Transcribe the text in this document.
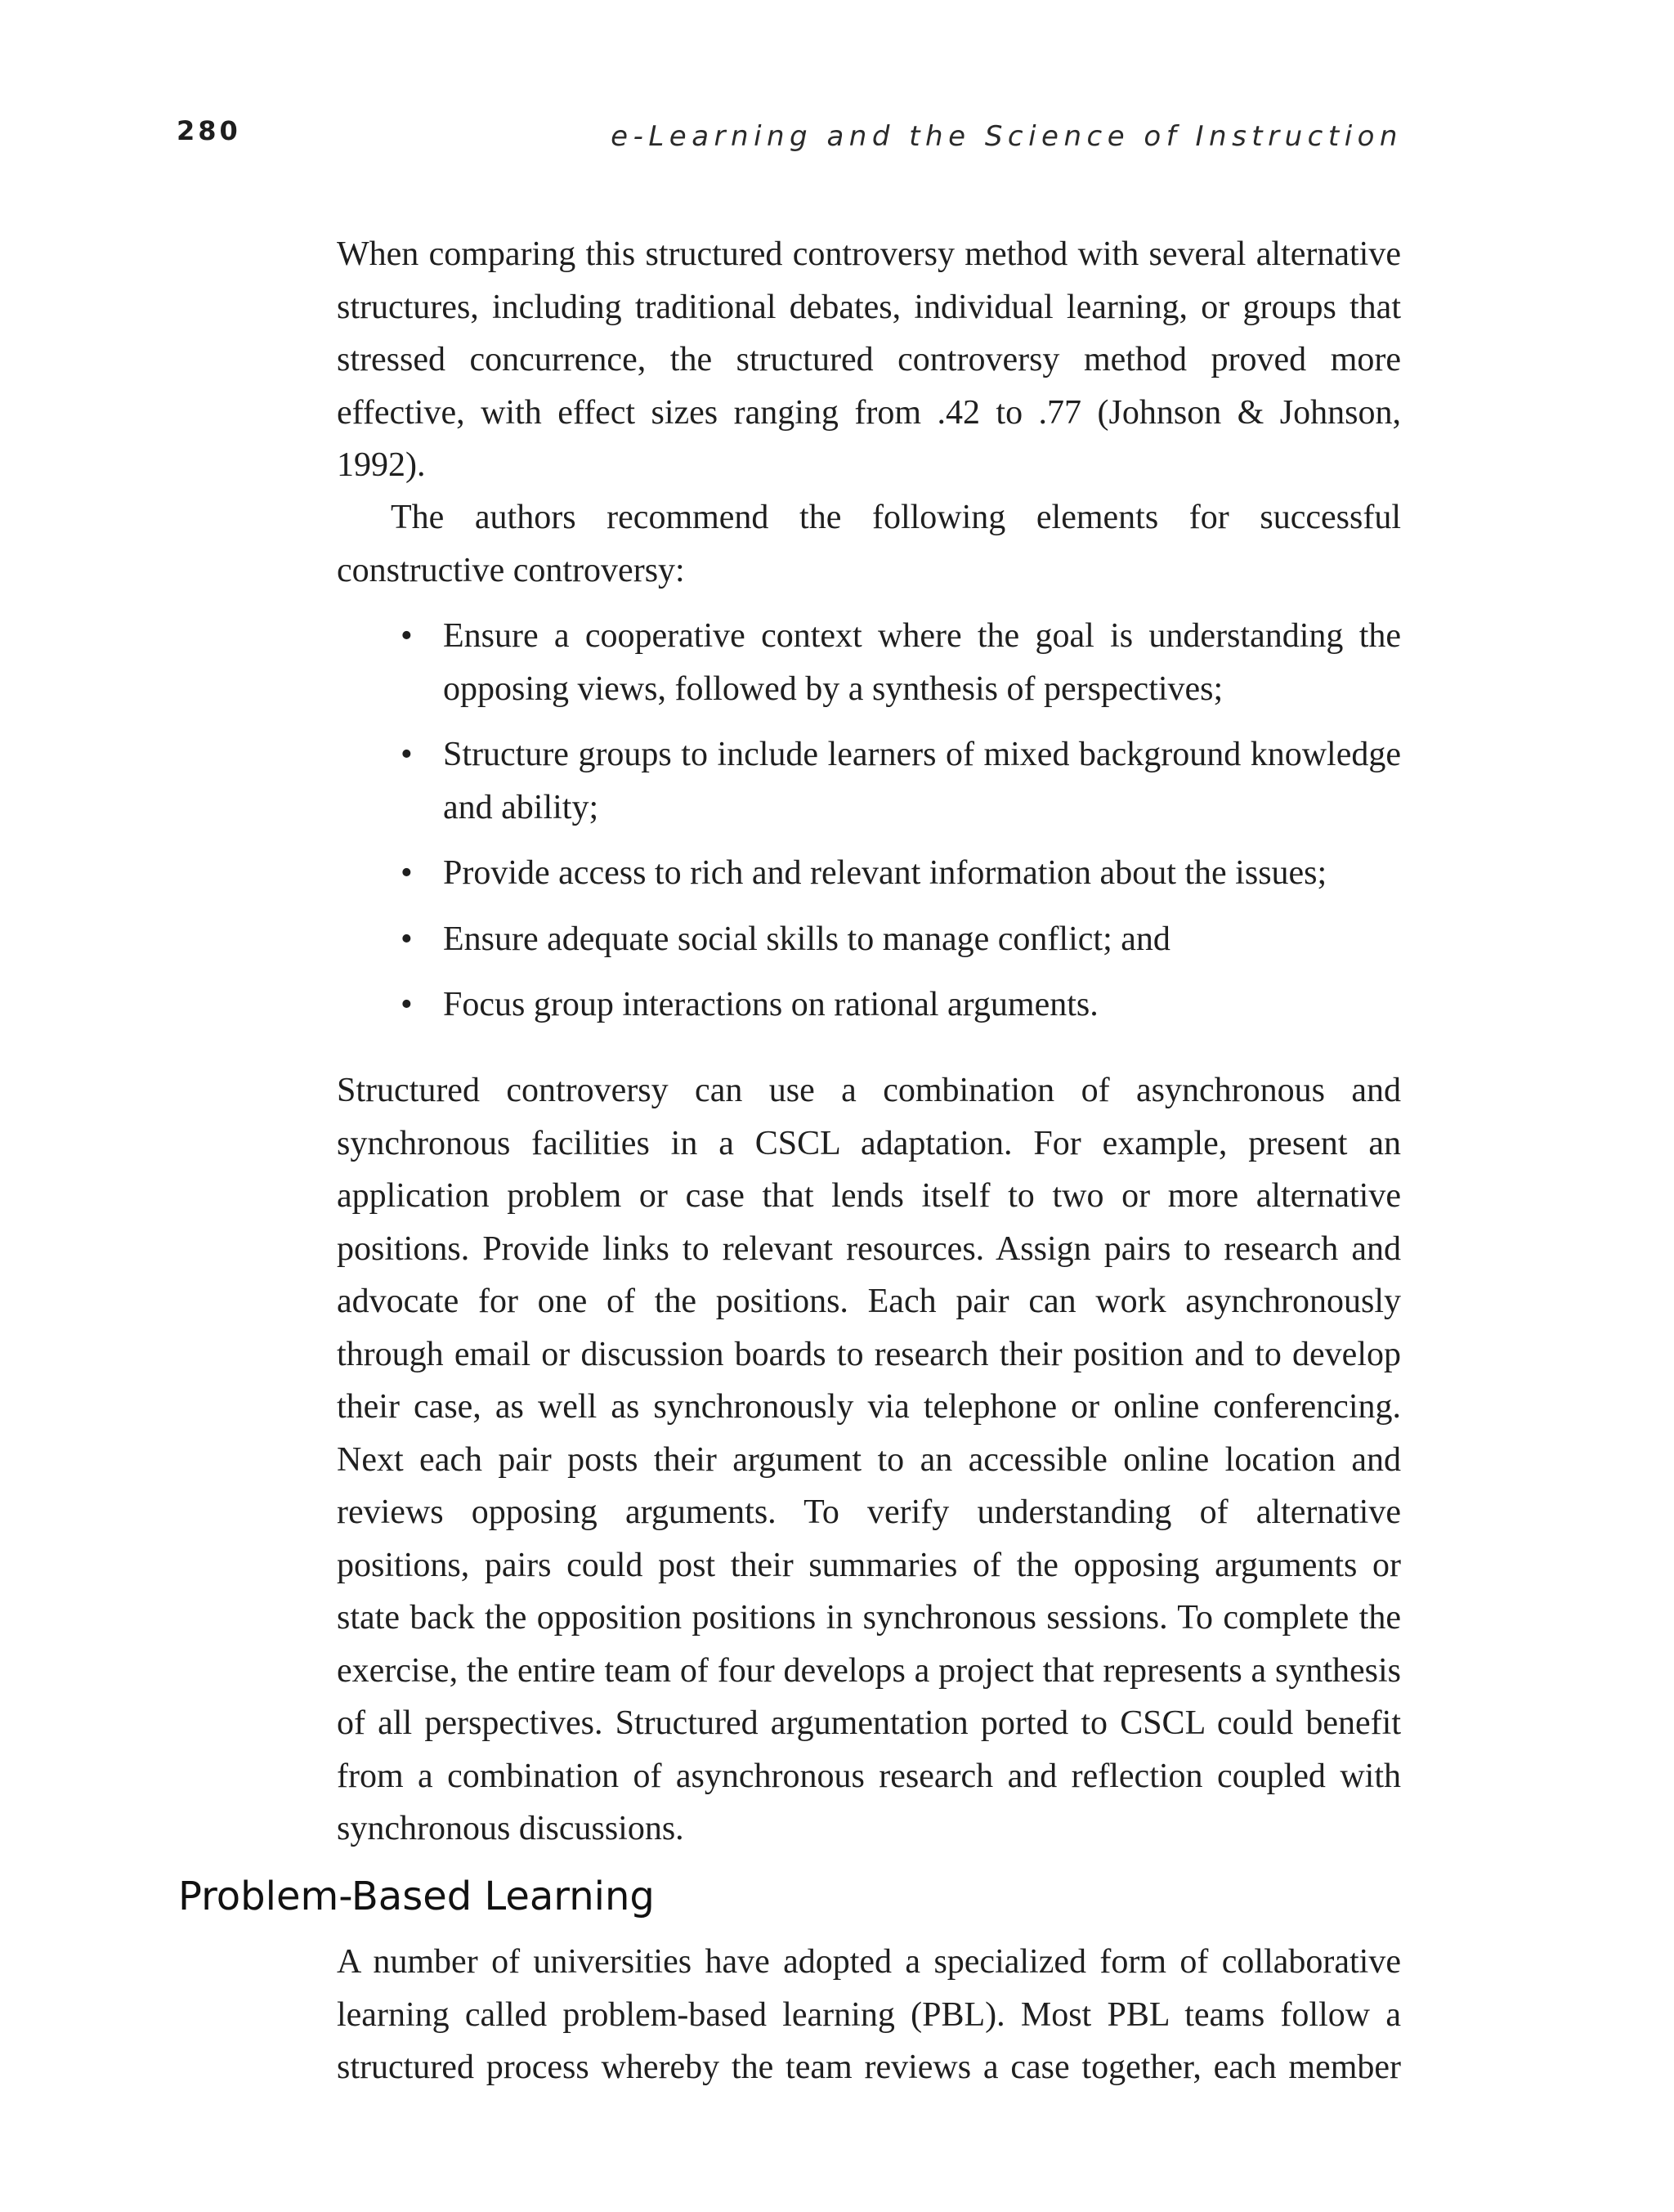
280	e-Learning and the Science of Instruction

When comparing this structured controversy method with several alternative structures, including traditional debates, individual learning, or groups that stressed concurrence, the structured controversy method proved more effective, with effect sizes ranging from .42 to .77 (Johnson & Johnson, 1992).

The authors recommend the following elements for successful constructive controversy:

• Ensure a cooperative context where the goal is understanding the opposing views, followed by a synthesis of perspectives;
• Structure groups to include learners of mixed background knowledge and ability;
• Provide access to rich and relevant information about the issues;
• Ensure adequate social skills to manage conflict; and
• Focus group interactions on rational arguments.

Structured controversy can use a combination of asynchronous and synchronous facilities in a CSCL adaptation. For example, present an application problem or case that lends itself to two or more alternative positions. Provide links to relevant resources. Assign pairs to research and advocate for one of the positions. Each pair can work asynchronously through email or discussion boards to research their position and to develop their case, as well as synchronously via telephone or online conferencing. Next each pair posts their argument to an accessible online location and reviews opposing arguments. To verify understanding of alternative positions, pairs could post their summaries of the opposing arguments or state back the opposition positions in synchronous sessions. To complete the exercise, the entire team of four develops a project that represents a synthesis of all perspectives. Structured argumentation ported to CSCL could benefit from a combination of asynchronous research and reflection coupled with synchronous discussions.

Problem-Based Learning

A number of universities have adopted a specialized form of collaborative learning called problem-based learning (PBL). Most PBL teams follow a structured process whereby the team reviews a case together, each member
